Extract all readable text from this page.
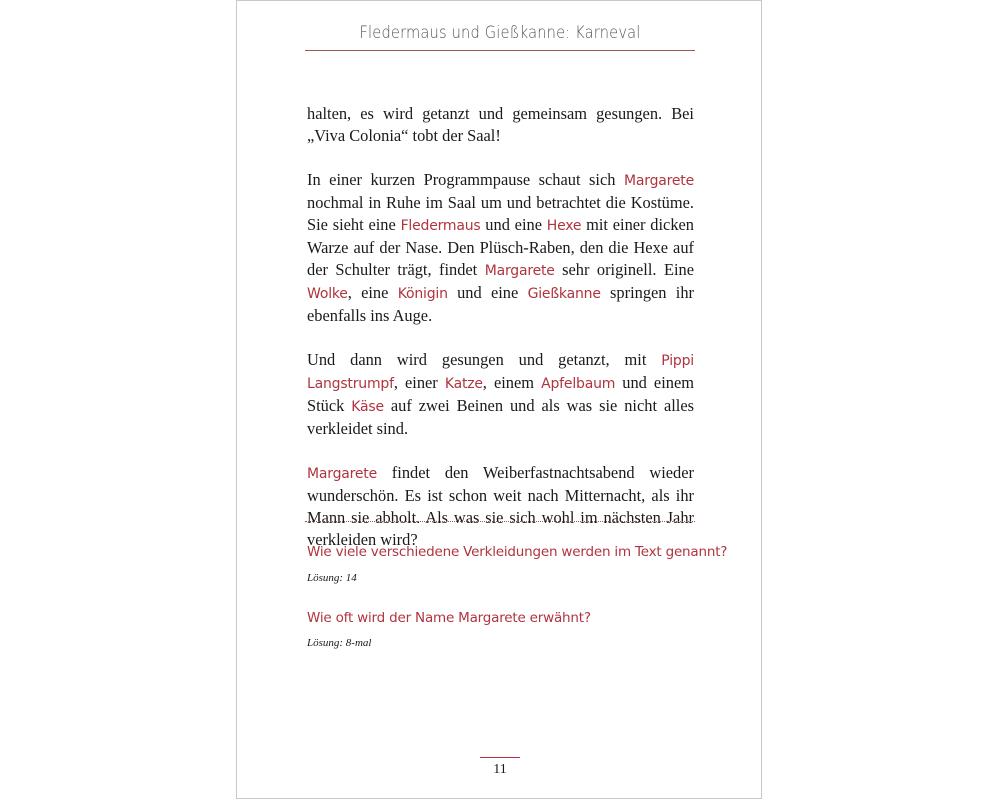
Fledermaus und Gießkanne: Karneval

halten, es wird getanzt und gemeinsam gesungen. Bei „Viva Colonia“ tobt der Saal!

In einer kurzen Programmpause schaut sich Margarete nochmal in Ruhe im Saal um und betrachtet die Kostüme. Sie sieht eine Fledermaus und eine Hexe mit einer dicken Warze auf der Nase. Den Plüsch-Raben, den die Hexe auf der Schulter trägt, findet Margarete sehr originell. Eine Wolke, eine Königin und eine Gießkanne springen ihr ebenfalls ins Auge.

Und dann wird gesungen und getanzt, mit Pippi Langstrumpf, einer Katze, einem Apfelbaum und einem Stück Käse auf zwei Beinen und als was sie nicht alles verkleidet sind.

Margarete findet den Weiberfastnachtsabend wieder wunderschön. Es ist schon weit nach Mitternacht, als ihr Mann sie abholt. Als was sie sich wohl im nächsten Jahr verkleiden wird?

Wie viele verschiedene Verkleidungen werden im Text genannt?
Lösung: 14
Wie oft wird der Name Margarete erwähnt?
Lösung: 8-mal
11
